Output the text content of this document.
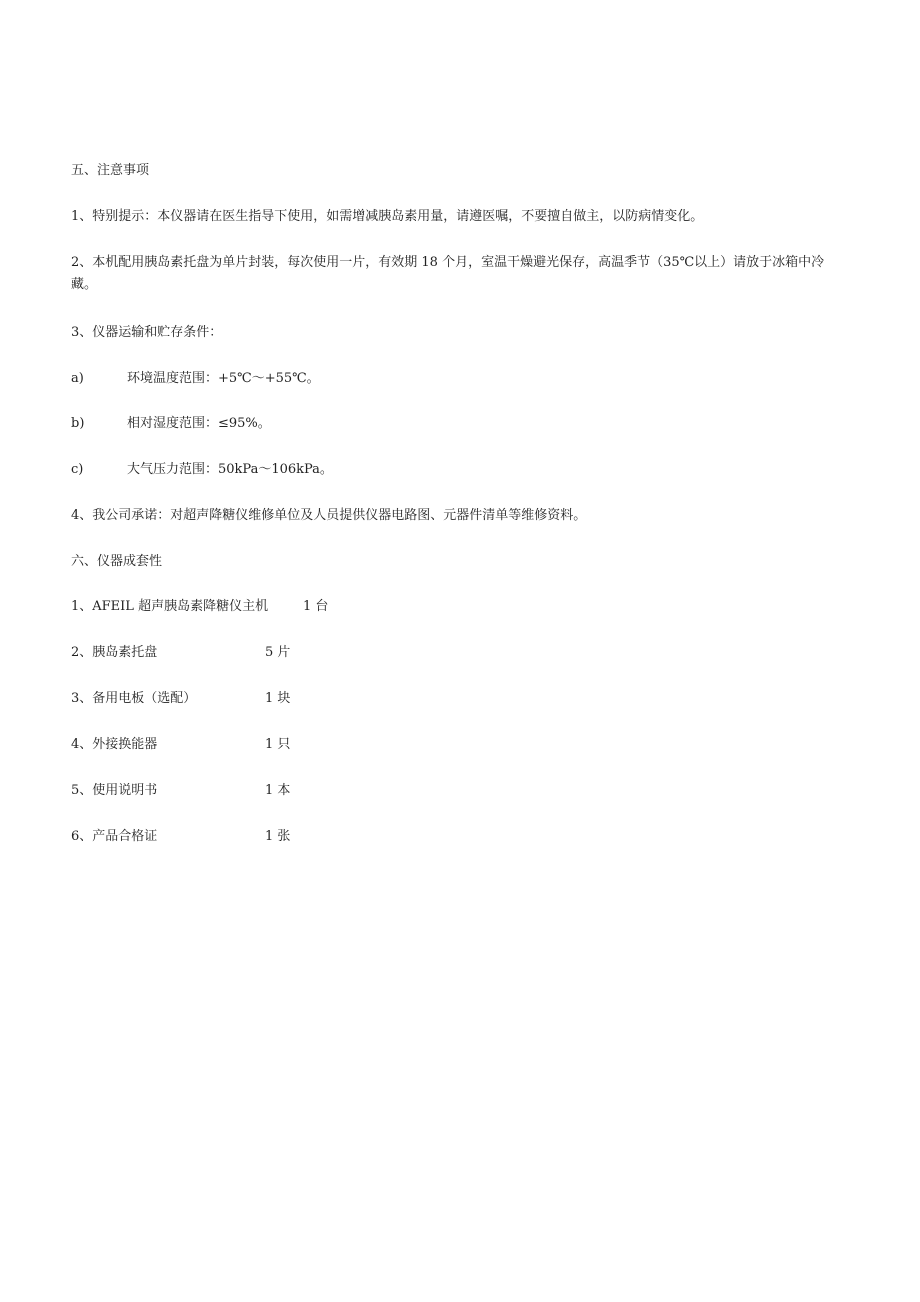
五、注意事项
1、特别提示：本仪器请在医生指导下使用，如需增减胰岛素用量，请遵医嘱，不要擅自做主，以防病情变化。
2、本机配用胰岛素托盘为单片封装，每次使用一片，有效期 18 个月，室温干燥避光保存，高温季节（35℃以上）请放于冰箱中冷藏。
3、仪器运输和贮存条件：
a)	环境温度范围：+5℃～+55℃。
b)	相对湿度范围：≤95%。
c)	大气压力范围：50kPa～106kPa。
4、我公司承诺：对超声降糖仪维修单位及人员提供仪器电路图、元器件清单等维修资料。
六、仪器成套性
1、AFEIL 超声胰岛素降糖仪主机	1 台
2、胰岛素托盘	5 片
3、备用电板（选配）	1 块
4、外接换能器	1 只
5、使用说明书	1 本
6、产品合格证	1 张
